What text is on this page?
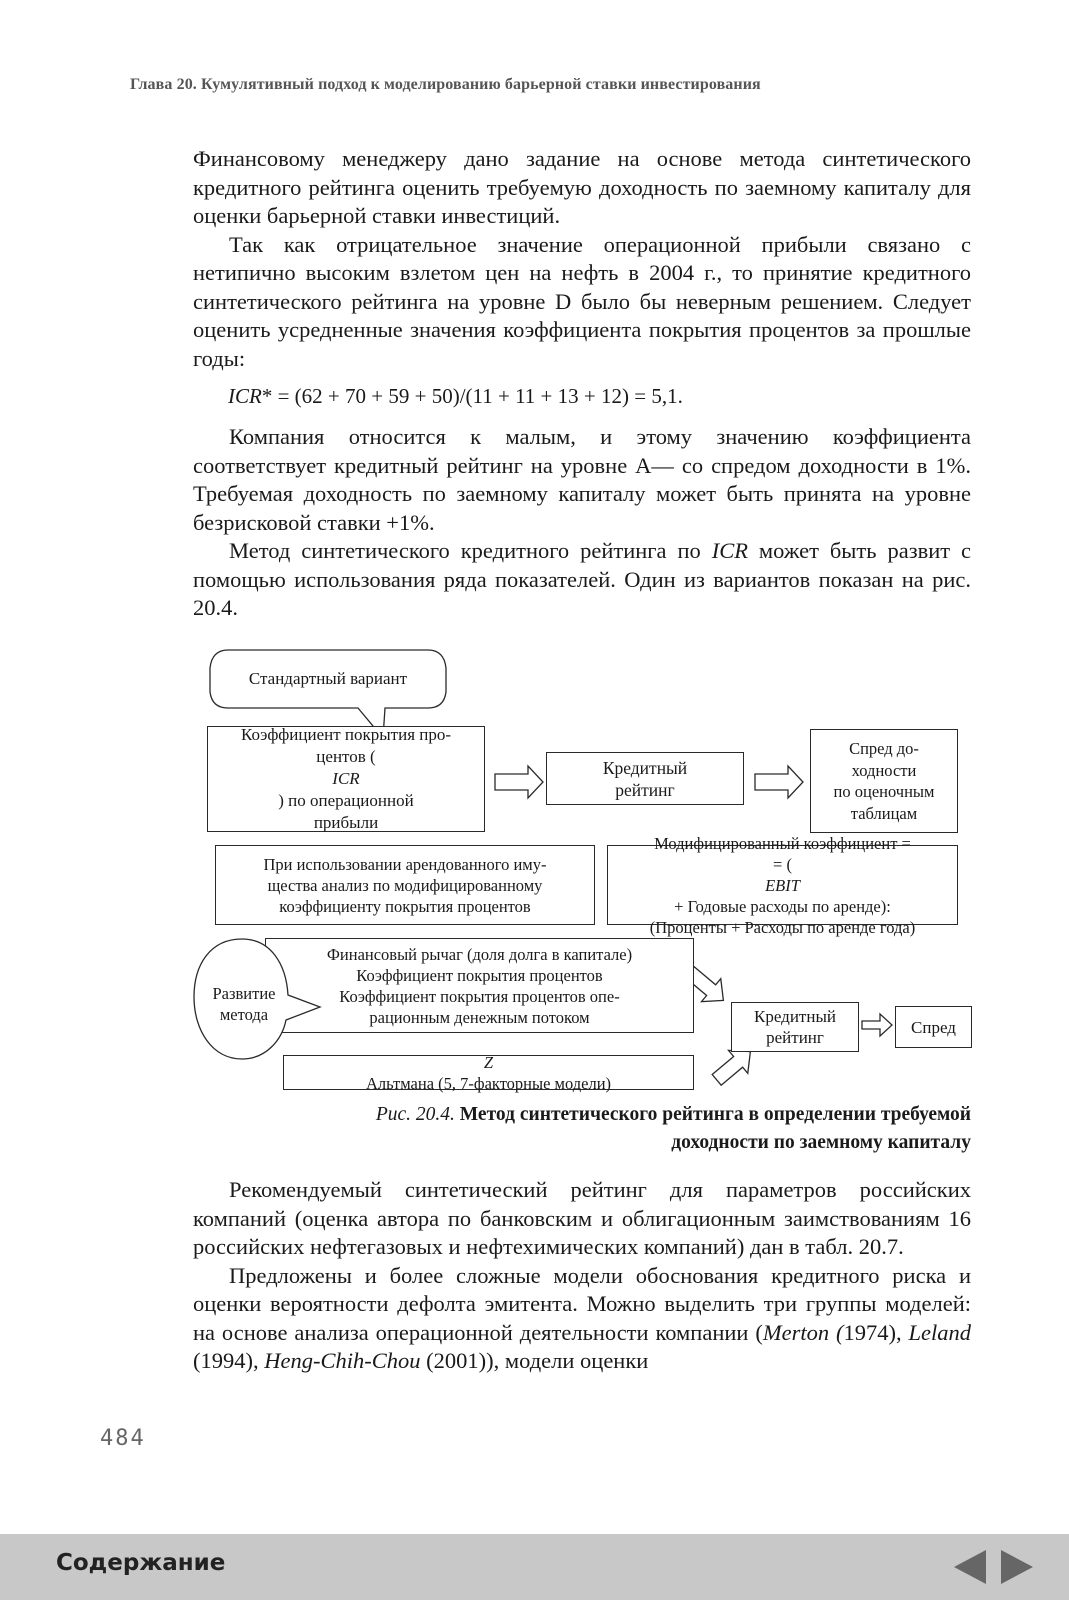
Глава 20. Кумулятивный подход к моделированию барьерной ставки инвестирования

Финансовому менеджеру дано задание на основе метода синтетического кредитного рейтинга оценить требуемую доходность по заемному капиталу для оценки барьерной ставки инвестиций.

Так как отрицательное значение операционной прибыли связано с нетипично высоким взлетом цен на нефть в 2004 г., то принятие кредитного синтетического рейтинга на уровне D было бы неверным решением. Следует оценить усредненные значения коэффициента покрытия процентов за прошлые годы:

ICR* = (62 + 70 + 59 + 50)/(11 + 11 + 13 + 12) = 5,1.

Компания относится к малым, и этому значению коэффициента соответствует кредитный рейтинг на уровне А— со спредом доходности в 1%. Требуемая доходность по заемному капиталу может быть принята на уровне безрисковой ставки +1%.

Метод синтетического кредитного рейтинга по ICR может быть развит с помощью использования ряда показателей. Один из вариантов показан на рис. 20.4.

Коэффициент покрытия про-
центов (
ICR
) по операционной
прибыли
Стандартный вариант
Кредитный
рейтинг
Спред до-
ходности
по оценочным
таблицам
При использовании арендованного иму-
щества анализ по модифицированному
коэффициенту покрытия процентов
Модифицированный коэффициент =
= (
EBIT
+ Годовые расходы по аренде):
(Проценты + Расходы по аренде года)
Финансовый рычаг (доля долга в капитале)
Коэффициент покрытия процентов
Коэффициент покрытия процентов опе-
рационным денежным потоком
Развитие
метода
Z
Альтмана (5, 7-факторные модели)
Кредитный
рейтинг
Спред
Рис. 20.4. Метод синтетического рейтинга в определении требуемой
доходности по заемному капиталу

Рекомендуемый синтетический рейтинг для параметров российских компаний (оценка автора по банковским и облигационным заимствованиям 16 российских нефтегазовых и нефтехимических компаний) дан в табл. 20.7.

Предложены и более сложные модели обоснования кредитного риска и оценки вероятности дефолта эмитента. Можно выделить три группы моделей: на основе анализа операционной деятельности компании (Merton (1974), Leland (1994), Heng-Chih-Chou (2001)), модели оценки

484
Содержание
